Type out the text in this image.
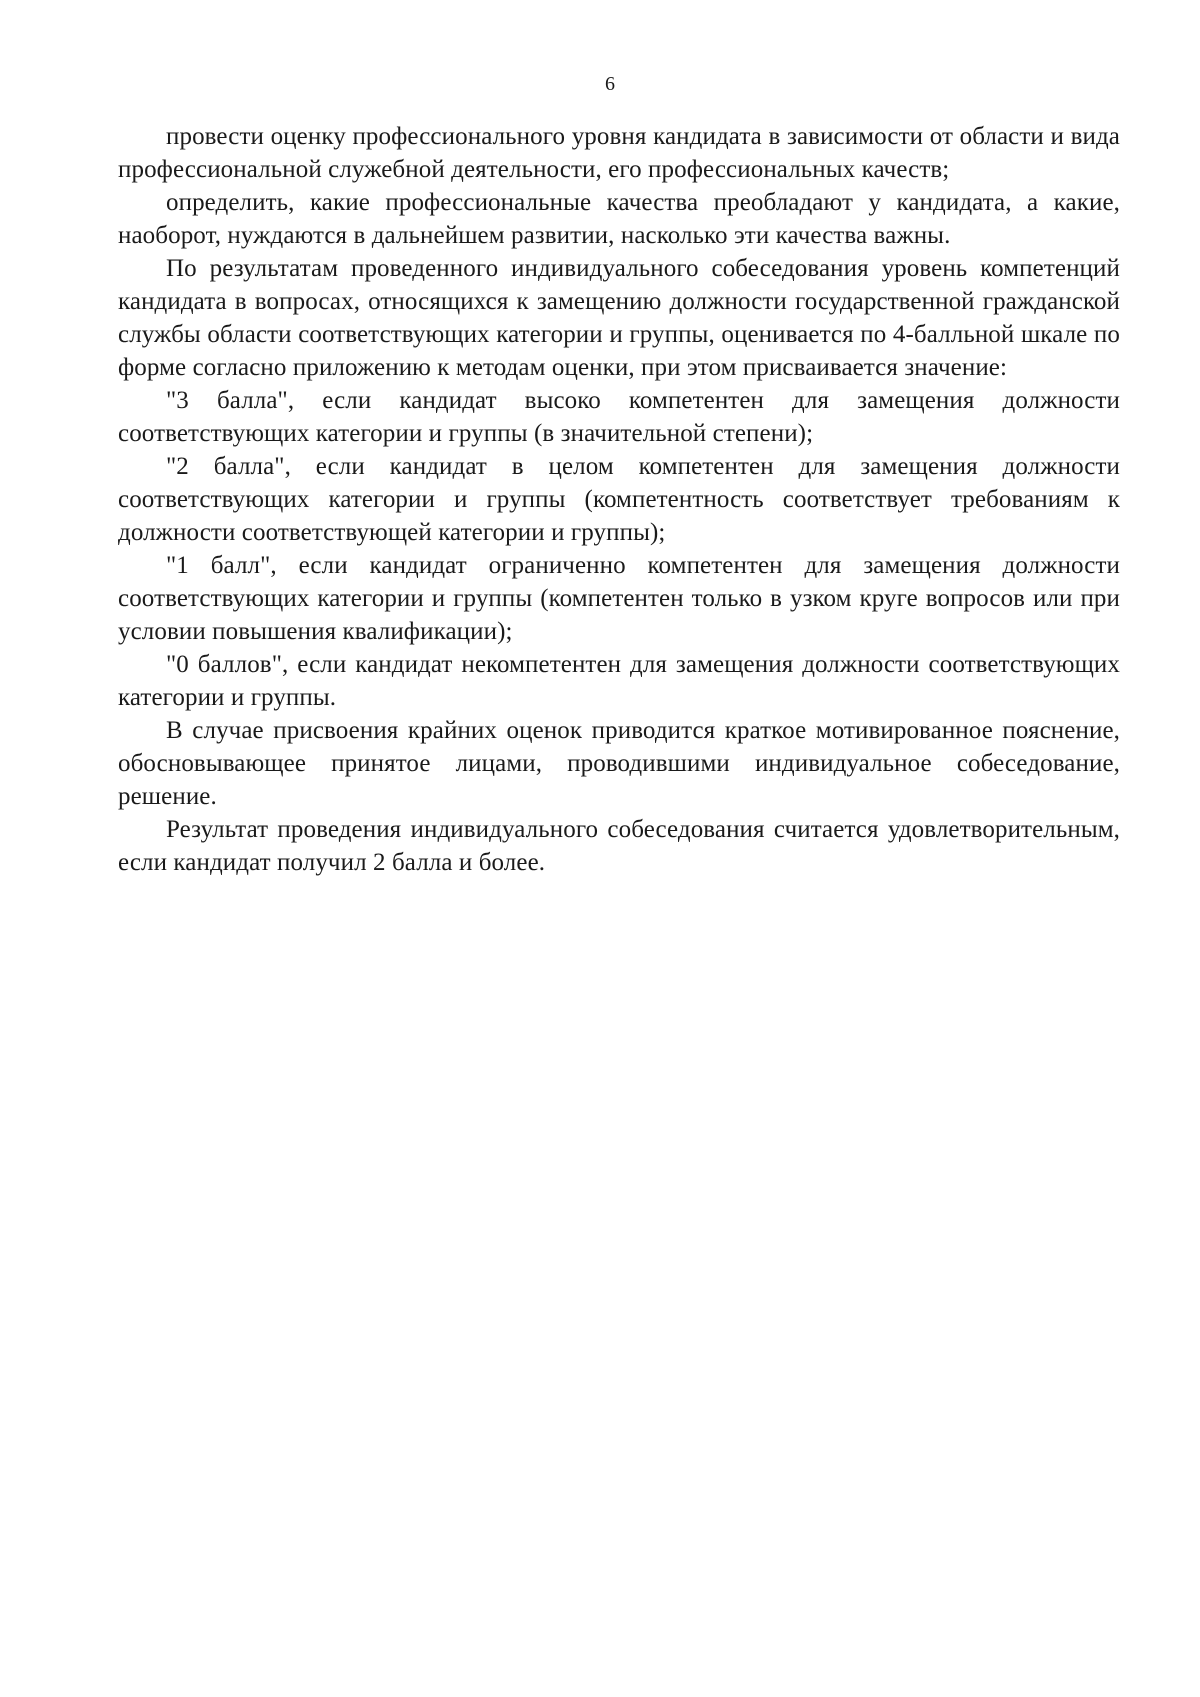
6

провести оценку профессионального уровня кандидата в зависимости от области и вида профессиональной служебной деятельности, его профессиональных качеств;

определить, какие профессиональные качества преобладают у кандидата, а какие, наоборот, нуждаются в дальнейшем развитии, насколько эти качества важны.

По результатам проведенного индивидуального собеседования уровень компетенций кандидата в вопросах, относящихся к замещению должности государственной гражданской службы области соответствующих категории и группы, оценивается по 4-балльной шкале по форме согласно приложению к методам оценки, при этом присваивается значение:

"3 балла", если кандидат высоко компетентен для замещения должности соответствующих категории и группы (в значительной степени);

"2 балла", если кандидат в целом компетентен для замещения должности соответствующих категории и группы (компетентность соответствует требованиям к должности соответствующей категории и группы);

"1 балл", если кандидат ограниченно компетентен для замещения должности соответствующих категории и группы (компетентен только в узком круге вопросов или при условии повышения квалификации);

"0 баллов", если кандидат некомпетентен для замещения должности соответствующих категории и группы.

В случае присвоения крайних оценок приводится краткое мотивированное пояснение, обосновывающее принятое лицами, проводившими индивидуальное собеседование, решение.

Результат проведения индивидуального собеседования считается удовлетворительным, если кандидат получил 2 балла и более.
